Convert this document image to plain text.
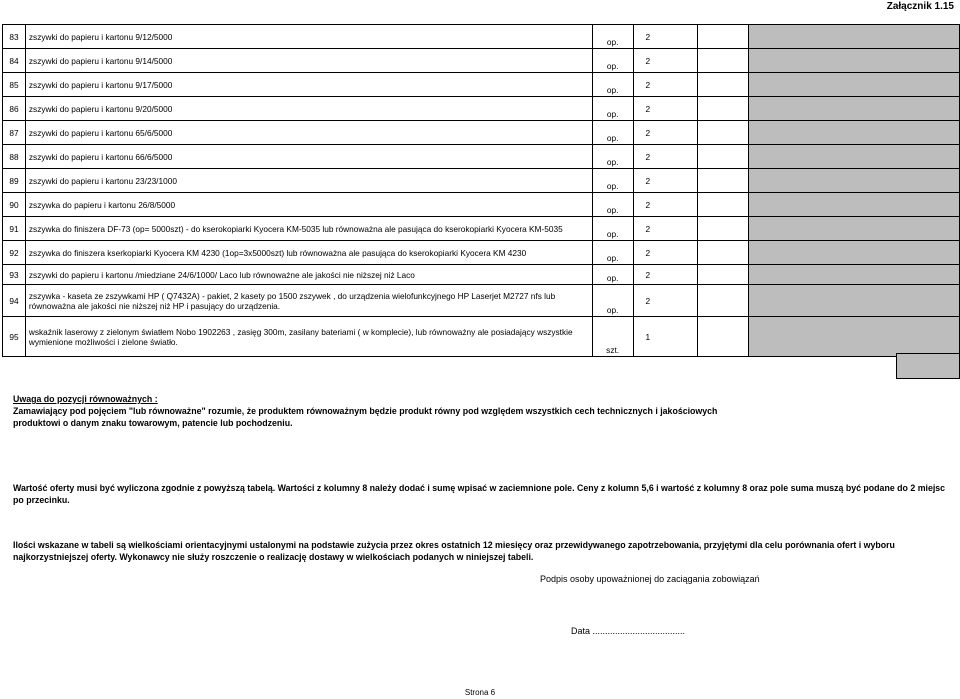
Załącznik 1.15
83	zszywki do papieru i kartonu 9/12/5000	op.	2		
84	zszywki do papieru i kartonu 9/14/5000	op.	2		
85	zszywki do papieru i kartonu 9/17/5000	op.	2		
86	zszywki do papieru i kartonu 9/20/5000	op.	2		
87	zszywki do papieru i kartonu 65/6/5000	op.	2		
88	zszywki do papieru i kartonu 66/6/5000	op.	2		
89	zszywki do papieru i kartonu 23/23/1000	op.	2		
90	zszywka do papieru i kartonu 26/8/5000	op.	2		
91	zszywka do finiszera DF-73 (op= 5000szt) - do kserokopiarki Kyocera KM-5035 lub równoważna ale pasująca do kserokopiarki Kyocera KM-5035	op.	2		
92	zszywka do finiszera kserkopiarki Kyocera KM 4230 (1op=3x5000szt) lub równoważna ale pasująca do kserokopiarki Kyocera KM 4230	op.	2		
93	zszywki do papieru i kartonu /miedziane 24/6/1000/ Laco lub równoważne ale jakości nie niższej niż Laco	op.	2		
94	zszywka - kaseta ze zszywkami HP ( Q7432A) - pakiet, 2 kasety po 1500 zszywek , do urządzenia wielofunkcyjnego HP Laserjet M2727 nfs lub równoważna ale jakości nie niższej niż HP i pasujący do urządzenia.	op.	2		
95	wskaźnik laserowy z zielonym światłem Nobo 1902263 , zasięg 300m, zasilany bateriami ( w komplecie), lub równoważny ale posiadający wszystkie wymienione możliwości i zielone światło.	szt.	1		
Uwaga do pozycji równoważnych :
Zamawiający pod pojęciem "lub równoważne" rozumie, że produktem równoważnym będzie produkt równy pod względem wszystkich cech technicznych i jakościowych produktowi o danym znaku towarowym, patencie lub pochodzeniu.
Wartość oferty musi być wyliczona zgodnie z powyższą tabelą. Wartości z kolumny 8 należy dodać i sumę wpisać w zaciemnione pole. Ceny z kolumn 5,6 i wartość z kolumny 8 oraz pole suma muszą być podane do 2 miejsc po przecinku.
Ilości wskazane w tabeli są wielkościami orientacyjnymi ustalonymi na podstawie zużycia przez okres ostatnich 12 miesięcy oraz przewidywanego zapotrzebowania, przyjętymi dla celu porównania ofert i wyboru najkorzystniejszej oferty. Wykonawcy nie służy roszczenie o realizację dostawy w wielkościach podanych w niniejszej tabeli.
Podpis osoby upoważnionej do zaciągania zobowiązań
Data .....................................
Strona 6
